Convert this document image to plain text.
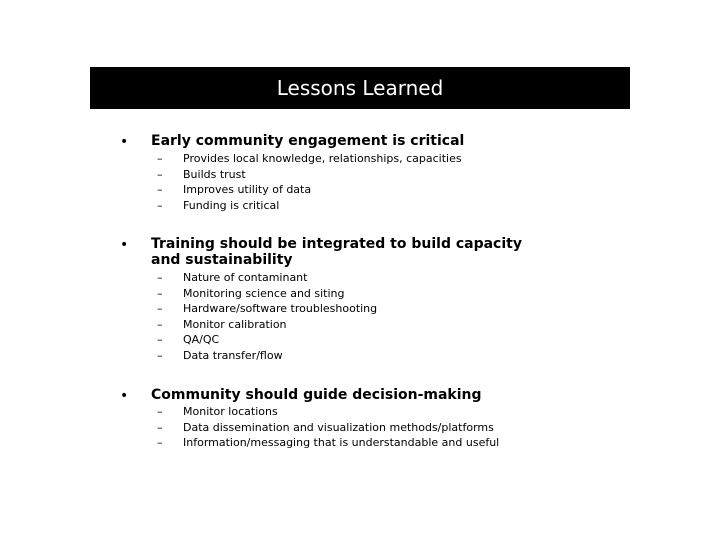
Lessons Learned
• Early community engagement is critical
– Provides local knowledge, relationships, capacities
– Builds trust
– Improves utility of data
– Funding is critical
• Training should be integrated to build capacity and sustainability
– Nature of contaminant
– Monitoring science and siting
– Hardware/software troubleshooting
– Monitor calibration
– QA/QC
– Data transfer/flow
• Community should guide decision-making
– Monitor locations
– Data dissemination and visualization methods/platforms
– Information/messaging that is understandable and useful
